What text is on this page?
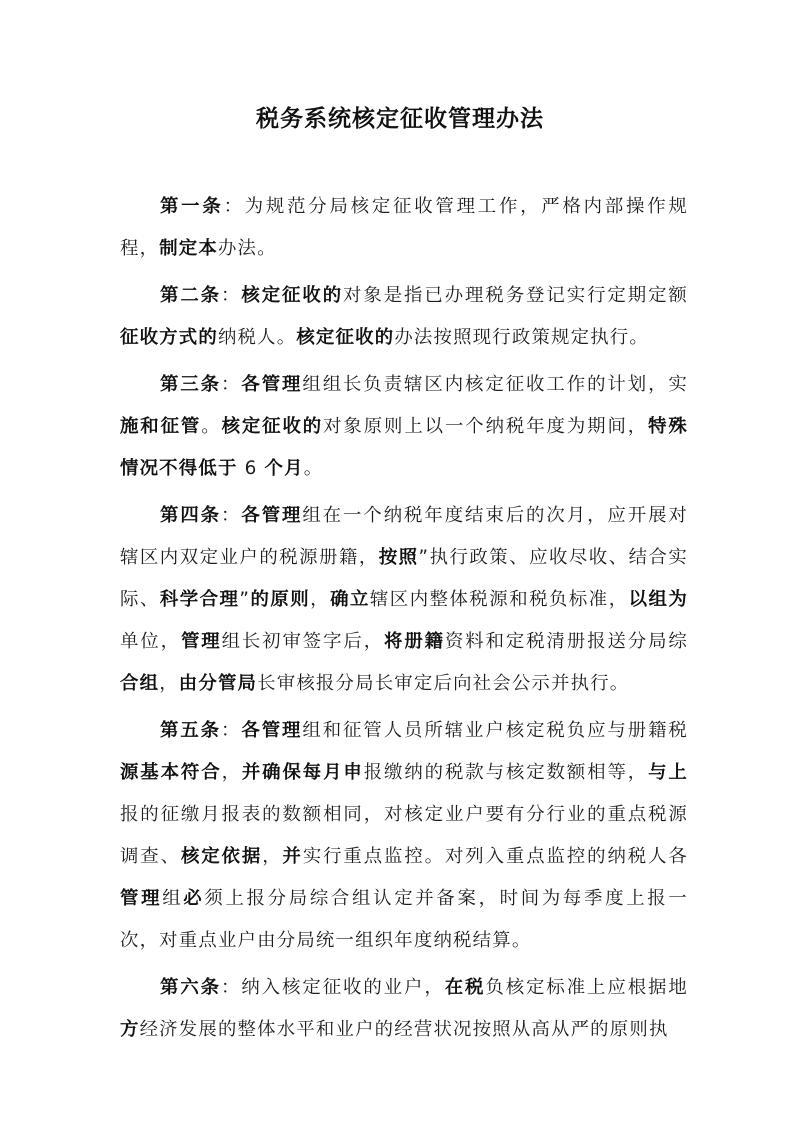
税务系统核定征收管理办法

第一条：为规范分局核定征收管理工作，严格内部操作规程，制定本办法。

第二条：核定征收的对象是指已办理税务登记实行定期定额征收方式的纳税人。核定征收的办法按照现行政策规定执行。

第三条：各管理组组长负责辖区内核定征收工作的计划，实施和征管。核定征收的对象原则上以一个纳税年度为期间，特殊情况不得低于 6 个月。

第四条：各管理组在一个纳税年度结束后的次月，应开展对辖区内双定业户的税源册籍，按照”执行政策、应收尽收、结合实际、科学合理”的原则，确立辖区内整体税源和税负标准，以组为单位，管理组长初审签字后，将册籍资料和定税清册报送分局综合组，由分管局长审核报分局长审定后向社会公示并执行。

第五条：各管理组和征管人员所辖业户核定税负应与册籍税源基本符合，并确保每月申报缴纳的税款与核定数额相等，与上报的征缴月报表的数额相同，对核定业户要有分行业的重点税源调查、核定依据，并实行重点监控。对列入重点监控的纳税人各管理组必须上报分局综合组认定并备案，时间为每季度上报一次，对重点业户由分局统一组织年度纳税结算。

第六条：纳入核定征收的业户，在税负核定标准上应根据地方经济发展的整体水平和业户的经营状况按照从高从严的原则执
